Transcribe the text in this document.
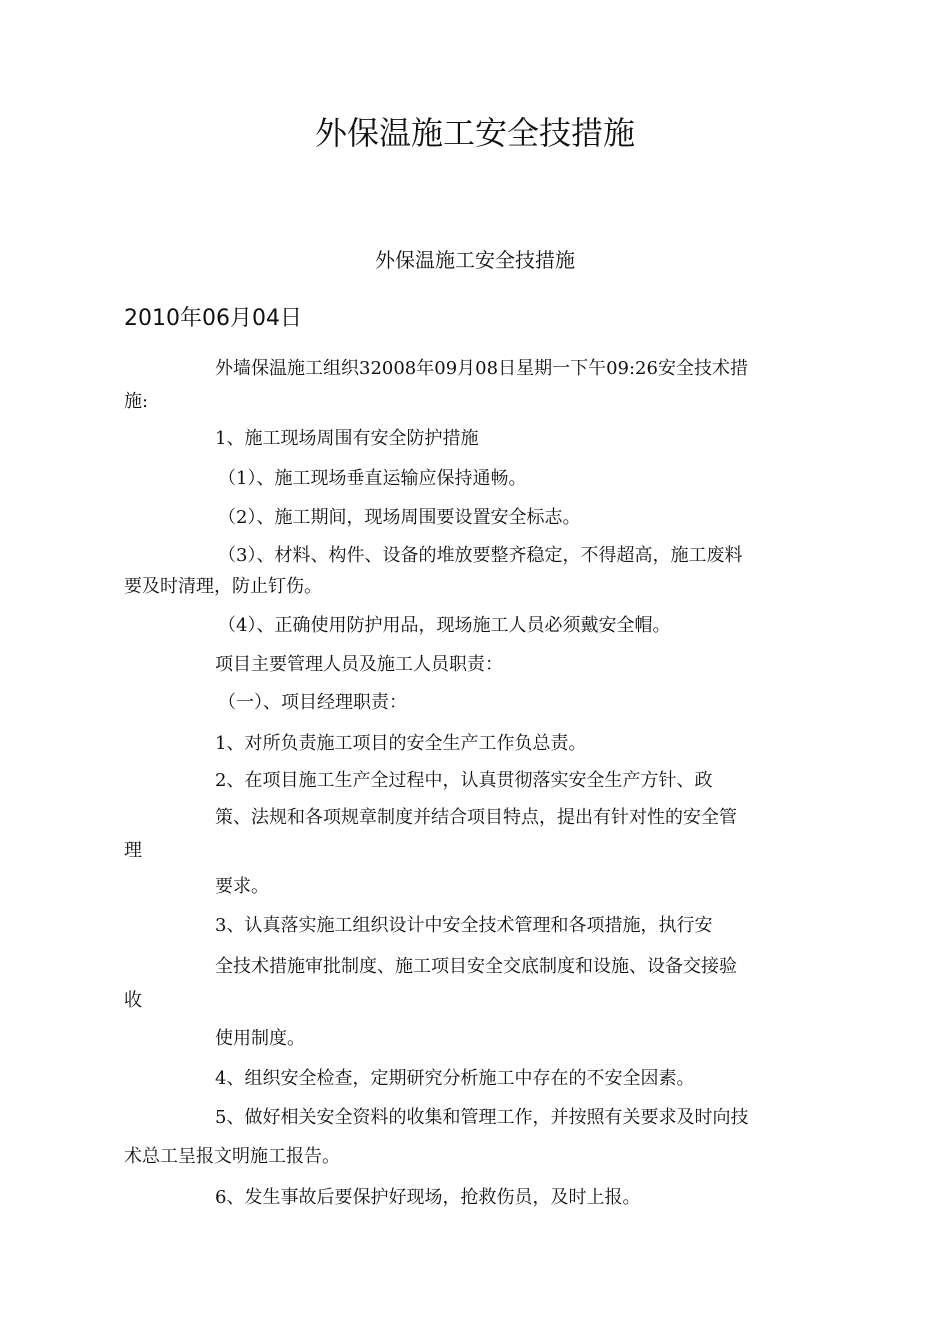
外保温施工安全技措施
外保温施工安全技措施
2010年06月04日

外墙保温施工组织32008年09月08日星期一下午09:26安全技术措

施:

1、施工现场周围有安全防护措施

（1）、施工现场垂直运输应保持通畅。

（2）、施工期间，现场周围要设置安全标志。

（3）、材料、构件、设备的堆放要整齐稳定，不得超高，施工废料

要及时清理，防止钉伤。

（4）、正确使用防护用品，现场施工人员必须戴安全帽。

项目主要管理人员及施工人员职责：

（一）、项目经理职责：

1、对所负责施工项目的安全生产工作负总责。

2、在项目施工生产全过程中，认真贯彻落实安全生产方针、政

策、法规和各项规章制度并结合项目特点，提出有针对性的安全管

理

要求。

3、认真落实施工组织设计中安全技术管理和各项措施，执行安

全技术措施审批制度、施工项目安全交底制度和设施、设备交接验

收

使用制度。

4、组织安全检查，定期研究分析施工中存在的不安全因素。

5、做好相关安全资料的收集和管理工作，并按照有关要求及时向技

术总工呈报文明施工报告。

6、发生事故后要保护好现场，抢救伤员，及时上报。
